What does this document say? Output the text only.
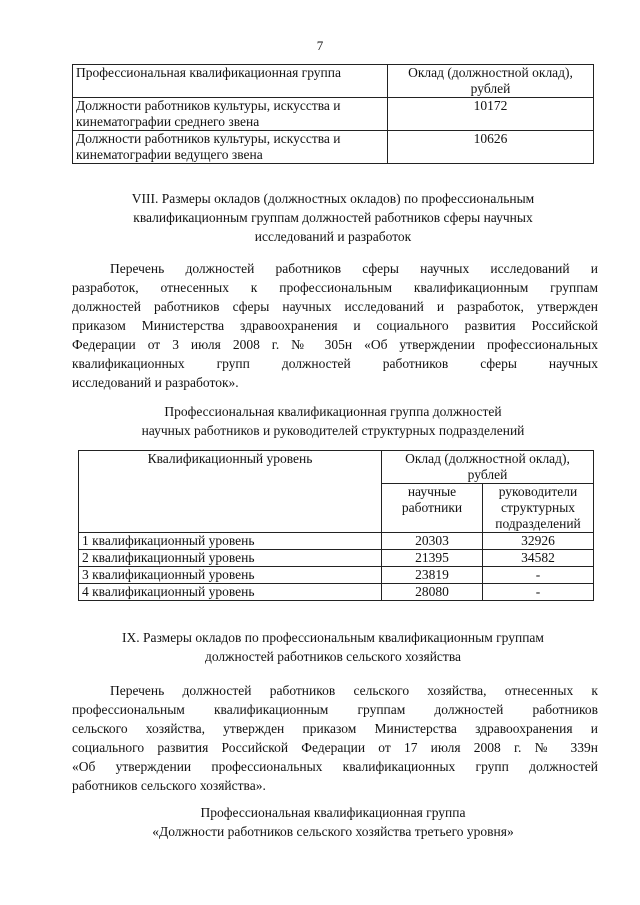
7
Профессиональная квалификационная группа	Оклад (должностной оклад), рублей
Должности работников культуры, искусства и кинематографии среднего звена	10172
Должности работников культуры, искусства и кинематографии ведущего звена	10626
VIII. Размеры окладов (должностных окладов) по профессиональным
квалификационным группам должностей работников сферы научных
исследований и разработок
Перечень должностей работников сферы научных исследований и
разработок, отнесенных к профессиональным квалификационным группам
должностей работников сферы научных исследований и разработок, утвержден
приказом Министерства здравоохранения и социального развития Российской
Федерации от 3 июля 2008 г. № 305н «Об утверждении профессиональных
квалификационных групп должностей работников сферы научных
исследований и разработок».
Профессиональная квалификационная группа должностей
научных работников и руководителей структурных подразделений
Квалификационный уровень	Оклад (должностной оклад), рублей	
	научные работники	руководители структурных подразделений
1 квалификационный уровень	20303	32926
2 квалификационный уровень	21395	34582
3 квалификационный уровень	23819	-
4 квалификационный уровень	28080	-
IX. Размеры окладов по профессиональным квалификационным группам
должностей работников сельского хозяйства
Перечень должностей работников сельского хозяйства, отнесенных к
профессиональным квалификационным группам должностей работников
сельского хозяйства, утвержден приказом Министерства здравоохранения и
социального развития Российской Федерации от 17 июля 2008 г. № 339н
«Об утверждении профессиональных квалификационных групп должностей
работников сельского хозяйства».
Профессиональная квалификационная группа
«Должности работников сельского хозяйства третьего уровня»
